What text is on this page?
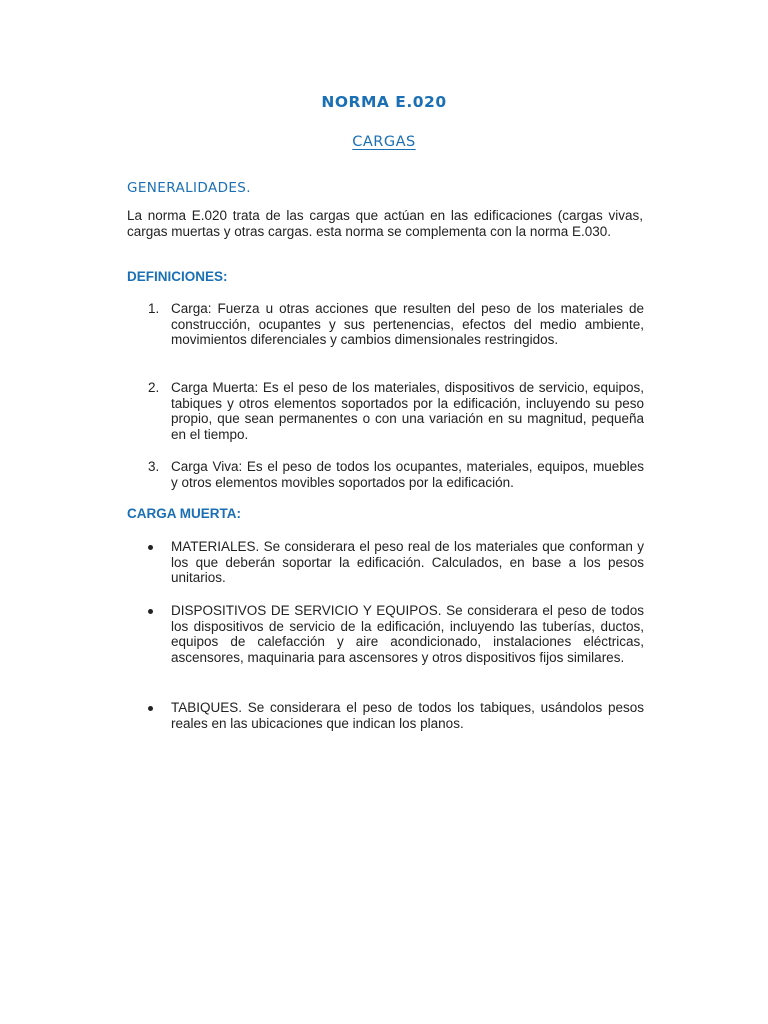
NORMA E.020
CARGAS
GENERALIDADES.
La norma E.020 trata de las cargas que actúan en las edificaciones (cargas vivas, cargas muertas y otras cargas. esta norma se complementa con la norma E.030.
DEFINICIONES:
1. Carga: Fuerza u otras acciones que resulten del peso de los materiales de construcción, ocupantes y sus pertenencias, efectos del medio ambiente, movimientos diferenciales y cambios dimensionales restringidos.
2. Carga Muerta: Es el peso de los materiales, dispositivos de servicio, equipos, tabiques y otros elementos soportados por la edificación, incluyendo su peso propio, que sean permanentes o con una variación en su magnitud, pequeña en el tiempo.
3. Carga Viva: Es el peso de todos los ocupantes, materiales, equipos, muebles y otros elementos movibles soportados por la edificación.
CARGA MUERTA:
MATERIALES. Se considerara el peso real de los materiales que conforman y los que deberán soportar la edificación. Calculados, en base a los pesos unitarios.
DISPOSITIVOS DE SERVICIO Y EQUIPOS. Se considerara el peso de todos los dispositivos de servicio de la edificación, incluyendo las tuberías, ductos, equipos de calefacción y aire acondicionado, instalaciones eléctricas, ascensores, maquinaria para ascensores y otros dispositivos fijos similares.
TABIQUES. Se considerara el peso de todos los tabiques, usándolos pesos reales en las ubicaciones que indican los planos.
